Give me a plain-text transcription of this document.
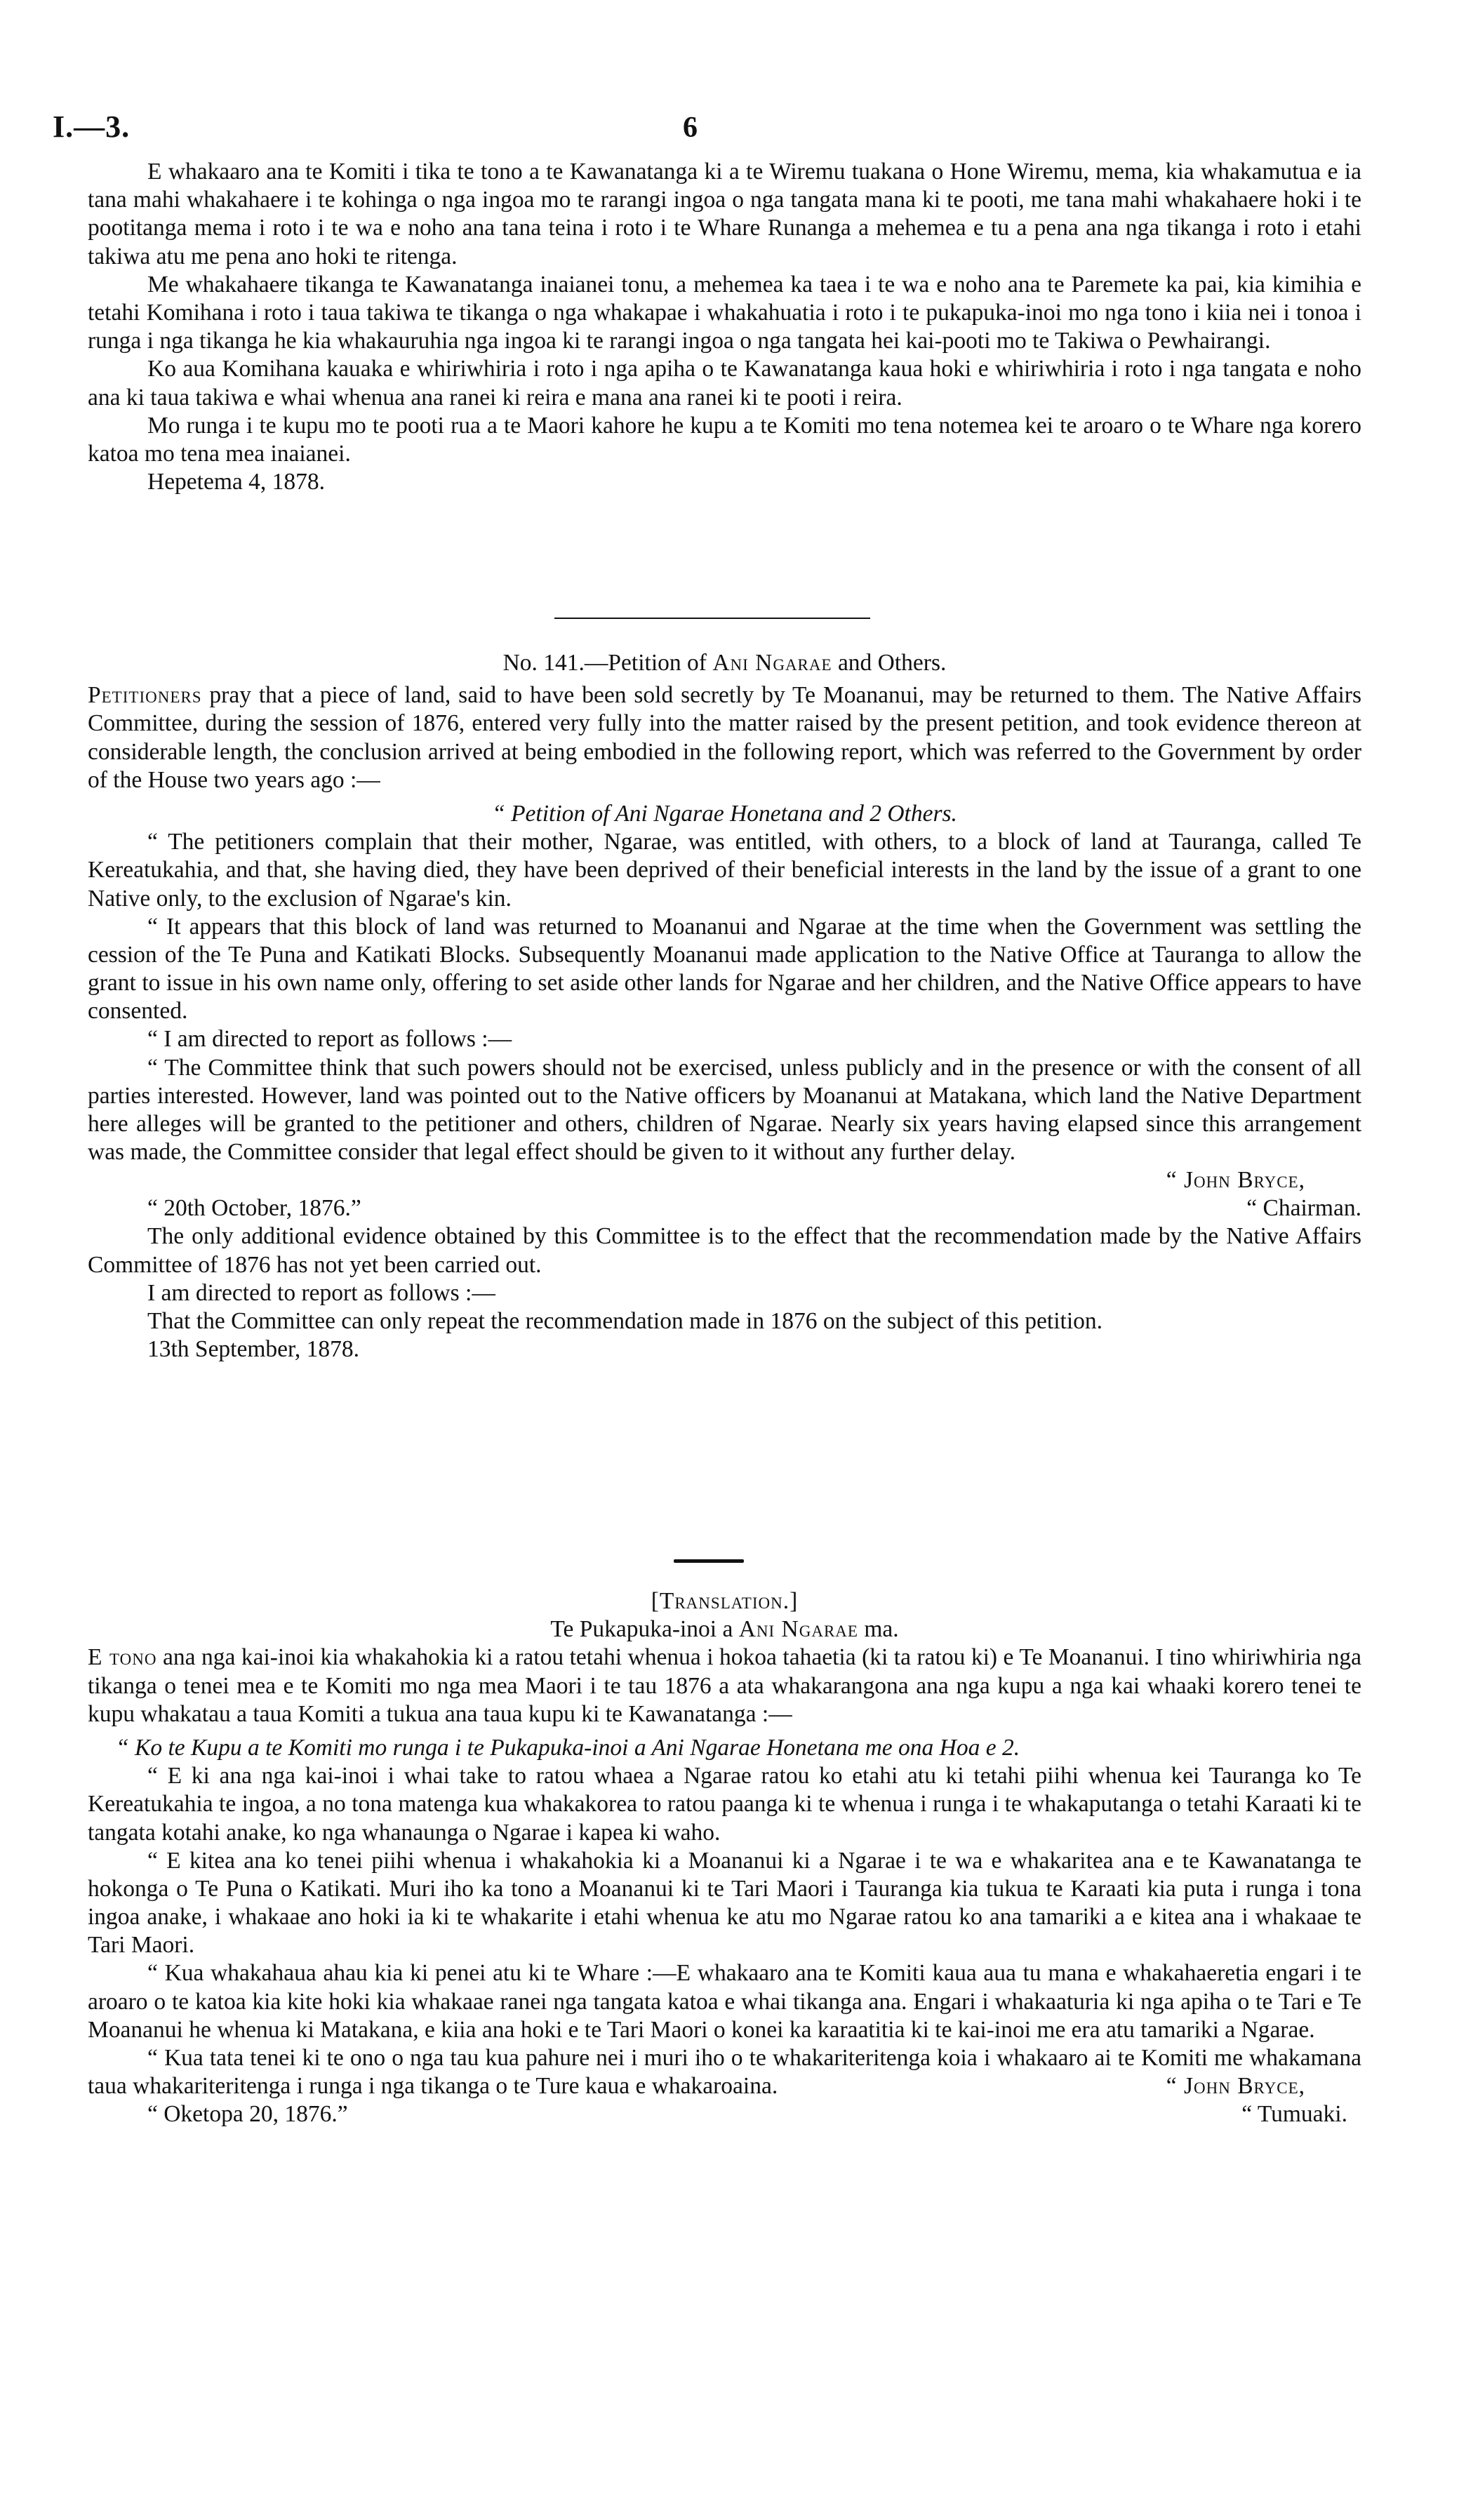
I.—3.	6

E whakaaro ana te Komiti i tika te tono a te Kawanatanga ki a te Wiremu tuakana o Hone Wiremu, mema, kia whakamutua e ia tana mahi whakahaere i te kohinga o nga ingoa mo te rarangi ingoa o nga tangata mana ki te pooti, me tana mahi whakahaere hoki i te pootitanga mema i roto i te wa e noho ana tana teina i roto i te Whare Runanga a mehemea e tu a pena ana nga tikanga i roto i etahi takiwa atu me pena ano hoki te ritenga.

Me whakahaere tikanga te Kawanatanga inaianei tonu, a mehemea ka taea i te wa e noho ana te Paremete ka pai, kia kimihia e tetahi Komihana i roto i taua takiwa te tikanga o nga whakapae i whakahuatia i roto i te pukapuka-inoi mo nga tono i kiia nei i tonoa i runga i nga tikanga he kia whakauruhia nga ingoa ki te rarangi ingoa o nga tangata hei kai-pooti mo te Takiwa o Pewhairangi.

Ko aua Komihana kauaka e whiriwhiria i roto i nga apiha o te Kawanatanga kaua hoki e whiriwhiria i roto i nga tangata e noho ana ki taua takiwa e whai whenua ana ranei ki reira e mana ana ranei ki te pooti i reira.

Mo runga i te kupu mo te pooti rua a te Maori kahore he kupu a te Komiti mo tena notemea kei te aroaro o te Whare nga korero katoa mo tena mea inaianei.

Hepetema 4, 1878.

No. 141.—Petition of Ani Ngarae and Others.

Petitioners pray that a piece of land, said to have been sold secretly by Te Moananui, may be returned to them. The Native Affairs Committee, during the session of 1876, entered very fully into the matter raised by the present petition, and took evidence thereon at considerable length, the conclusion arrived at being embodied in the following report, which was referred to the Government by order of the House two years ago :—

“ Petition of Ani Ngarae Honetana and 2 Others.

“ The petitioners complain that their mother, Ngarae, was entitled, with others, to a block of land at Tauranga, called Te Kereatukahia, and that, she having died, they have been deprived of their beneficial interests in the land by the issue of a grant to one Native only, to the exclusion of Ngarae's kin.

“ It appears that this block of land was returned to Moananui and Ngarae at the time when the Government was settling the cession of the Te Puna and Katikati Blocks. Subsequently Moananui made application to the Native Office at Tauranga to allow the grant to issue in his own name only, offering to set aside other lands for Ngarae and her children, and the Native Office appears to have consented.

“ I am directed to report as follows :—

“ The Committee think that such powers should not be exercised, unless publicly and in the presence or with the consent of all parties interested. However, land was pointed out to the Native officers by Moananui at Matakana, which land the Native Department here alleges will be granted to the petitioner and others, children of Ngarae. Nearly six years having elapsed since this arrangement was made, the Committee consider that legal effect should be given to it without any further delay.

“ John Bryce,
“ 20th October, 1876.”	“ Chairman.

The only additional evidence obtained by this Committee is to the effect that the recommendation made by the Native Affairs Committee of 1876 has not yet been carried out.

I am directed to report as follows :—

That the Committee can only repeat the recommendation made in 1876 on the subject of this petition.

13th September, 1878.

[Translation.]

Te Pukapuka-inoi a Ani Ngarae ma.

E tono ana nga kai-inoi kia whakahokia ki a ratou tetahi whenua i hokoa tahaetia (ki ta ratou ki) e Te Moananui. I tino whiriwhiria nga tikanga o tenei mea e te Komiti mo nga mea Maori i te tau 1876 a ata whakarangona ana nga kupu a nga kai whaaki korero tenei te kupu whakatau a taua Komiti a tukua ana taua kupu ki te Kawanatanga :—

“ Ko te Kupu a te Komiti mo runga i te Pukapuka-inoi a Ani Ngarae Honetana me ona Hoa e 2.

“ E ki ana nga kai-inoi i whai take to ratou whaea a Ngarae ratou ko etahi atu ki tetahi piihi whenua kei Tauranga ko Te Kereatukahia te ingoa, a no tona matenga kua whakakorea to ratou paanga ki te whenua i runga i te whakaputanga o tetahi Karaati ki te tangata kotahi anake, ko nga whanaunga o Ngarae i kapea ki waho.

“ E kitea ana ko tenei piihi whenua i whakahokia ki a Moananui ki a Ngarae i te wa e whakaritea ana e te Kawanatanga te hokonga o Te Puna o Katikati. Muri iho ka tono a Moananui ki te Tari Maori i Tauranga kia tukua te Karaati kia puta i runga i tona ingoa anake, i whakaae ano hoki ia ki te whakarite i etahi whenua ke atu mo Ngarae ratou ko ana tamariki a e kitea ana i whakaae te Tari Maori.

“ Kua whakahaua ahau kia ki penei atu ki te Whare :—E whakaaro ana te Komiti kaua aua tu mana e whakahaeretia engari i te aroaro o te katoa kia kite hoki kia whakaae ranei nga tangata katoa e whai tikanga ana. Engari i whakaaturia ki nga apiha o te Tari e Te Moananui he whenua ki Matakana, e kiia ana hoki e te Tari Maori o konei ka karaatitia ki te kai-inoi me era atu tamariki a Ngarae.

“ Kua tata tenei ki te ono o nga tau kua pahure nei i muri iho o te whakariteritenga koia i whakaaro ai te Komiti me whakamana taua whakariteritenga i runga i nga tikanga o te Ture kaua e whakaroaina.	“ John Bryce,
“ Oketopa 20, 1876.”	“ Tumuaki.
